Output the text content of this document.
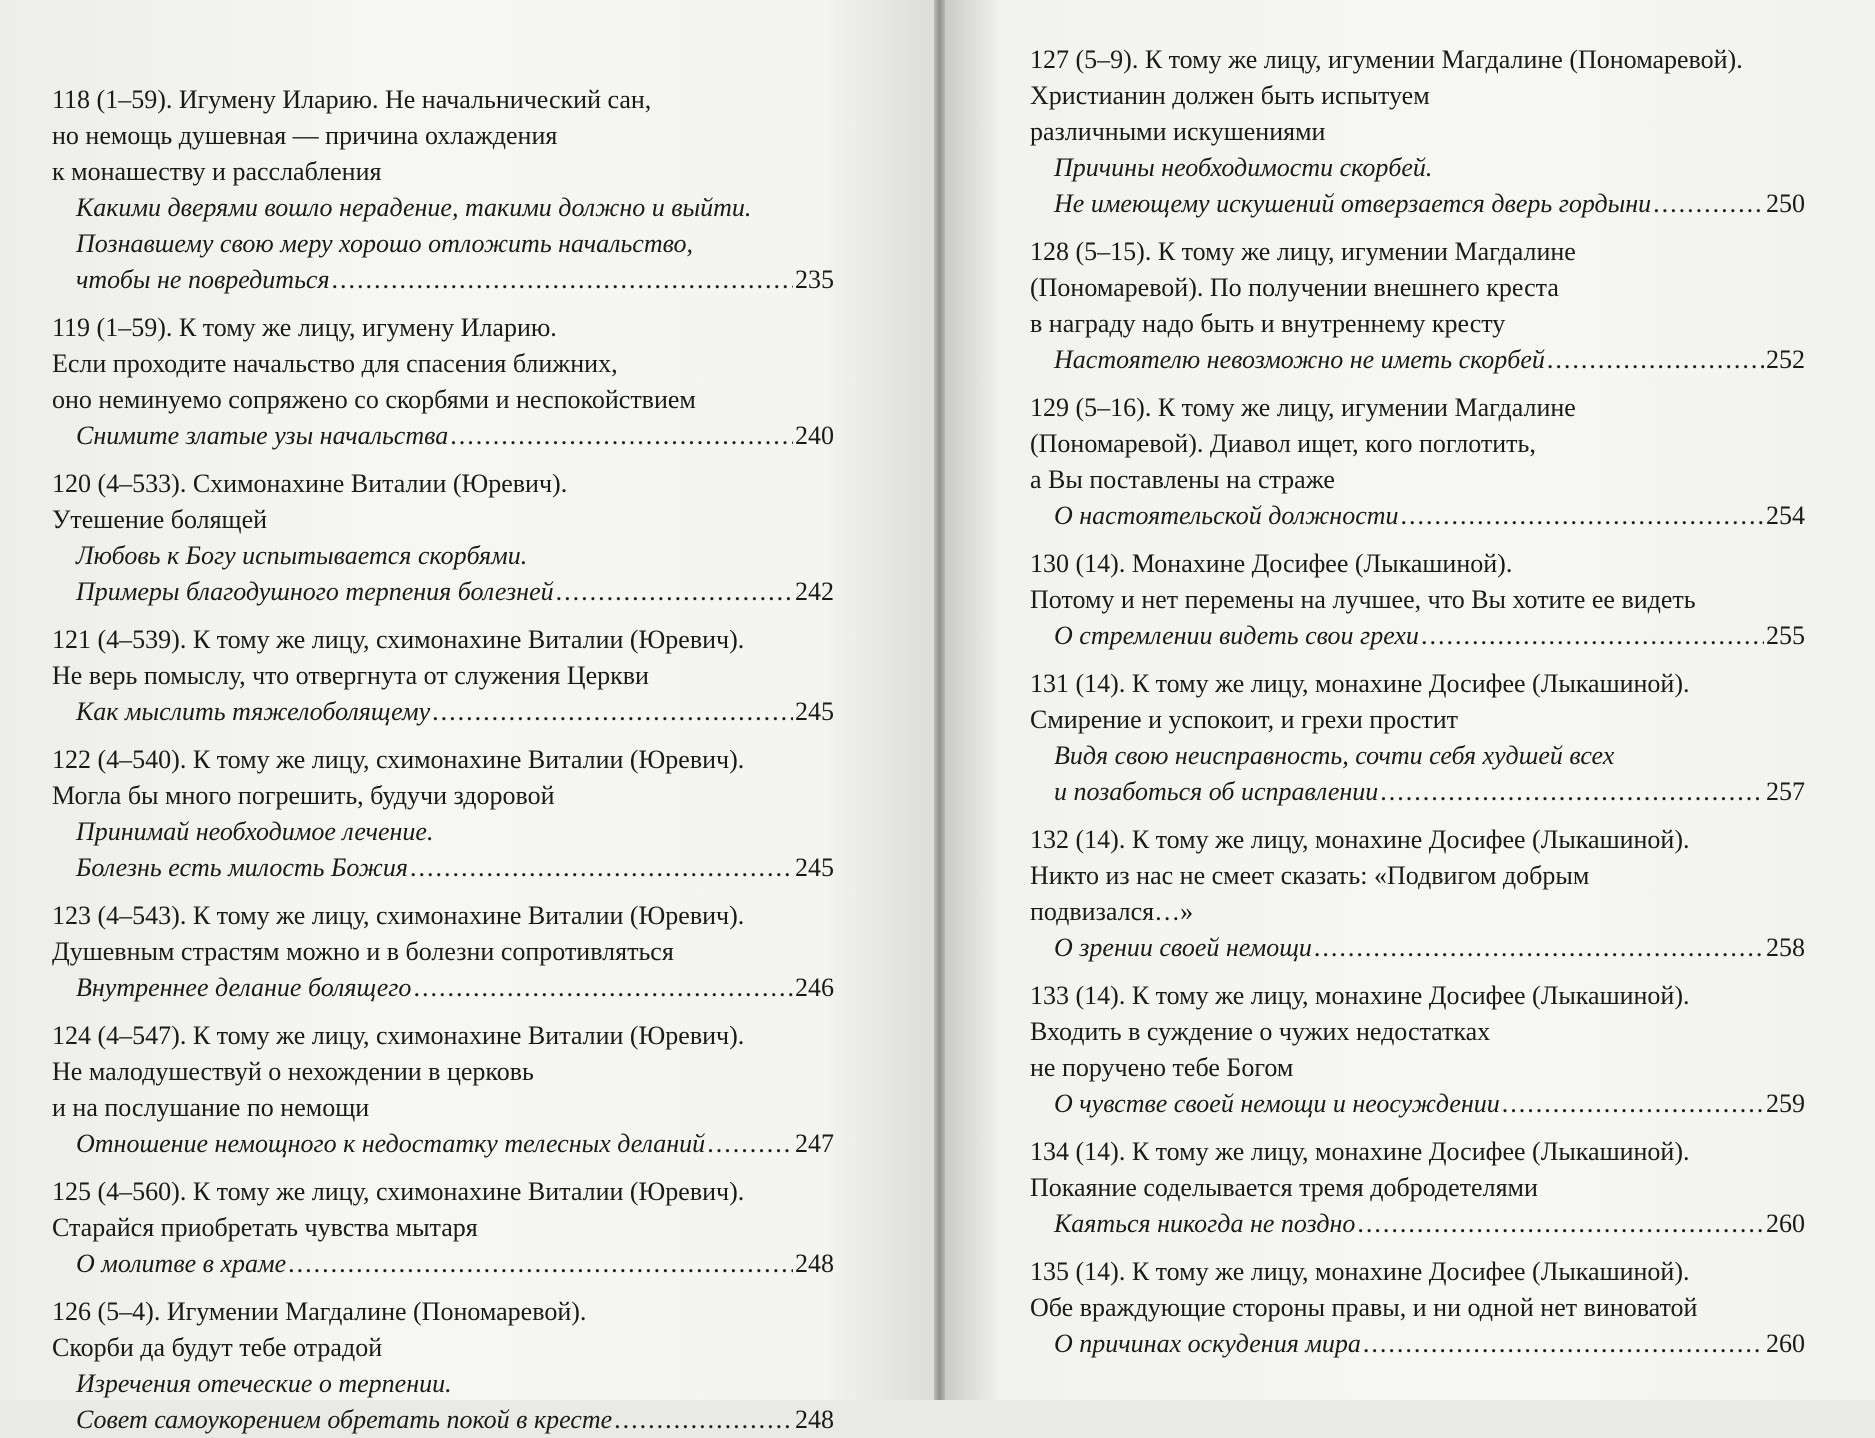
118 (1–59). Игумену Иларию. Не начальнический сан,
но немощь душевная — причина охлаждения
к монашеству и расслабления
Какими дверями вошло нерадение, такими должно и выйти.
Познавшему свою меру хорошо отложить начальство,
чтобы не повредиться .....	235
119 (1–59). К тому же лицу, игумену Иларию.
Если проходите начальство для спасения ближних,
оно неминуемо сопряжено со скорбями и неспокойствием
Снимите златые узы начальства .....	240
120 (4–533). Схимонахине Виталии (Юревич).
Утешение болящей
Любовь к Богу испытывается скорбями.
Примеры благодушного терпения болезней .....	242
121 (4–539). К тому же лицу, схимонахине Виталии (Юревич).
Не верь помыслу, что отвергнута от служения Церкви
Как мыслить тяжелоболящему .....	245
122 (4–540). К тому же лицу, схимонахине Виталии (Юревич).
Могла бы много погрешить, будучи здоровой
Принимай необходимое лечение.
Болезнь есть милость Божия .....	245
123 (4–543). К тому же лицу, схимонахине Виталии (Юревич).
Душевным страстям можно и в болезни сопротивляться
Внутреннее делание болящего .....	246
124 (4–547). К тому же лицу, схимонахине Виталии (Юревич).
Не малодушествуй о нехождении в церковь
и на послушание по немощи
Отношение немощного к недостатку телесных деланий .....	247
125 (4–560). К тому же лицу, схимонахине Виталии (Юревич).
Старайся приобретать чувства мытаря
О молитве в храме .....	248
126 (5–4). Игумении Магдалине (Пономаревой).
Скорби да будут тебе отрадой
Изречения отеческие о терпении.
Совет самоукорением обретать покой в кресте .....	248
127 (5–9). К тому же лицу, игумении Магдалине (Пономаревой).
Христианин должен быть испытуем
различными искушениями
Причины необходимости скорбей.
Не имеющему искушений отверзается дверь гордыни .....	250
128 (5–15). К тому же лицу, игумении Магдалине
(Пономаревой). По получении внешнего креста
в награду надо быть и внутреннему кресту
Настоятелю невозможно не иметь скорбей .....	252
129 (5–16). К тому же лицу, игумении Магдалине
(Пономаревой). Диавол ищет, кого поглотить,
а Вы поставлены на страже
О настоятельской должности .....	254
130 (14). Монахине Досифее (Лыкашиной).
Потому и нет перемены на лучшее, что Вы хотите ее видеть
О стремлении видеть свои грехи .....	255
131 (14). К тому же лицу, монахине Досифее (Лыкашиной).
Смирение и успокоит, и грехи простит
Видя свою неисправность, сочти себя худшей всех
и позаботься об исправлении .....	257
132 (14). К тому же лицу, монахине Досифее (Лыкашиной).
Никто из нас не смеет сказать: «Подвигом добрым
подвизался…»
О зрении своей немощи .....	258
133 (14). К тому же лицу, монахине Досифее (Лыкашиной).
Входить в суждение о чужих недостатках
не поручено тебе Богом
О чувстве своей немощи и неосуждении .....	259
134 (14). К тому же лицу, монахине Досифее (Лыкашиной).
Покаяние соделывается тремя добродетелями
Каяться никогда не поздно .....	260
135 (14). К тому же лицу, монахине Досифее (Лыкашиной).
Обе враждующие стороны правы, и ни одной нет виноватой
О причинах оскудения мира .....	260
